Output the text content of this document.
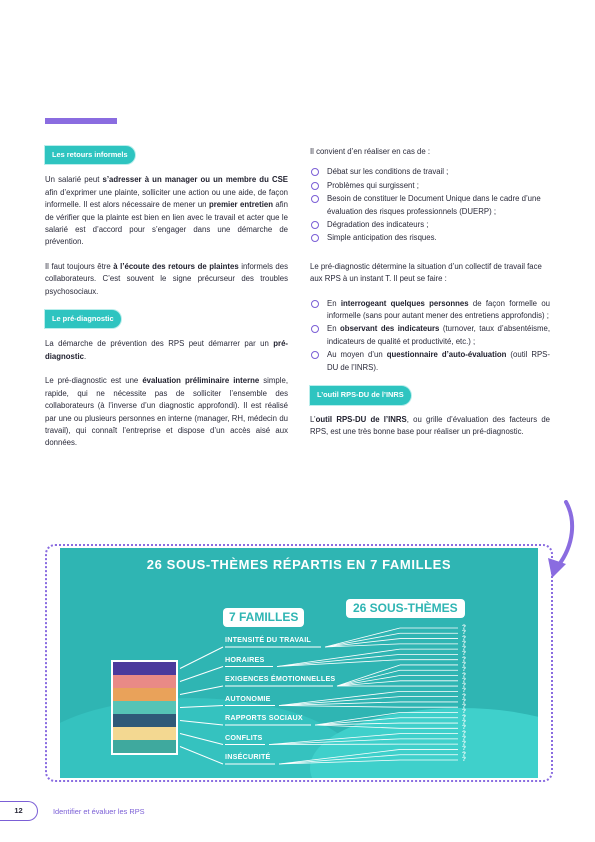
Les retours informels

Un salarié peut s’adresser à un manager ou un membre du CSE afin d’exprimer une plainte, solliciter une action ou une aide, de façon informelle. Il est alors nécessaire de mener un premier entretien afin de vérifier que la plainte est bien en lien avec le travail et acter que le salarié est d’accord pour s’engager dans une démarche de prévention.

Il faut toujours être à l’écoute des retours de plaintes informels des collaborateurs. C’est souvent le signe précurseur des troubles psychosociaux.

Le pré-diagnostic

La démarche de prévention des RPS peut démarrer par un pré-diagnostic.

Le pré-diagnostic est une évaluation préliminaire interne simple, rapide, qui ne nécessite pas de solliciter l’ensemble des collaborateurs (à l’inverse d’un diagnostic approfondi). Il est réalisé par une ou plusieurs personnes en interne (manager, RH, médecin du travail), qui connaît l’entreprise et dispose d’un accès aisé aux données.

Il convient d’en réaliser en cas de :

Débat sur les conditions de travail ;
Problèmes qui surgissent ;
Besoin de constituer le Document Unique dans le cadre d’une évaluation des risques professionnels (DUERP) ;
Dégradation des indicateurs ;
Simple anticipation des risques.

Le pré-diagnostic détermine la situation d’un collectif de travail face aux RPS à un instant T. Il peut se faire :

En interrogeant quelques personnes de façon formelle ou informelle (sans pour autant mener des entretiens approfondis) ;
En observant des indicateurs (turnover, taux d’absentéisme, indicateurs de qualité et productivité, etc.) ;
Au moyen d’un questionnaire d’auto-évaluation (outil RPS-DU de l’INRS).
L’outil RPS-DU de l’INRS

L’outil RPS-DU de l’INRS, ou grille d’évaluation des facteurs de RPS, est une très bonne base pour réaliser un pré-diagnostic.

26 SOUS-THÈMES RÉPARTIS EN 7 FAMILLES
26 SOUS-THÈMES
7 FAMILLES
INTENSITÉ DU TRAVAIL
HORAIRES
EXIGENCES ÉMOTIONNELLES
AUTONOMIE
RAPPORTS SOCIAUX
CONFLITS
INSÉCURITÉ
?
?
?
?
?
?
?
?
?
?
?
?
?
?
?
?
?
?
?
?
?
?
?
?
?
?
12	Identifier et évaluer les RPS
